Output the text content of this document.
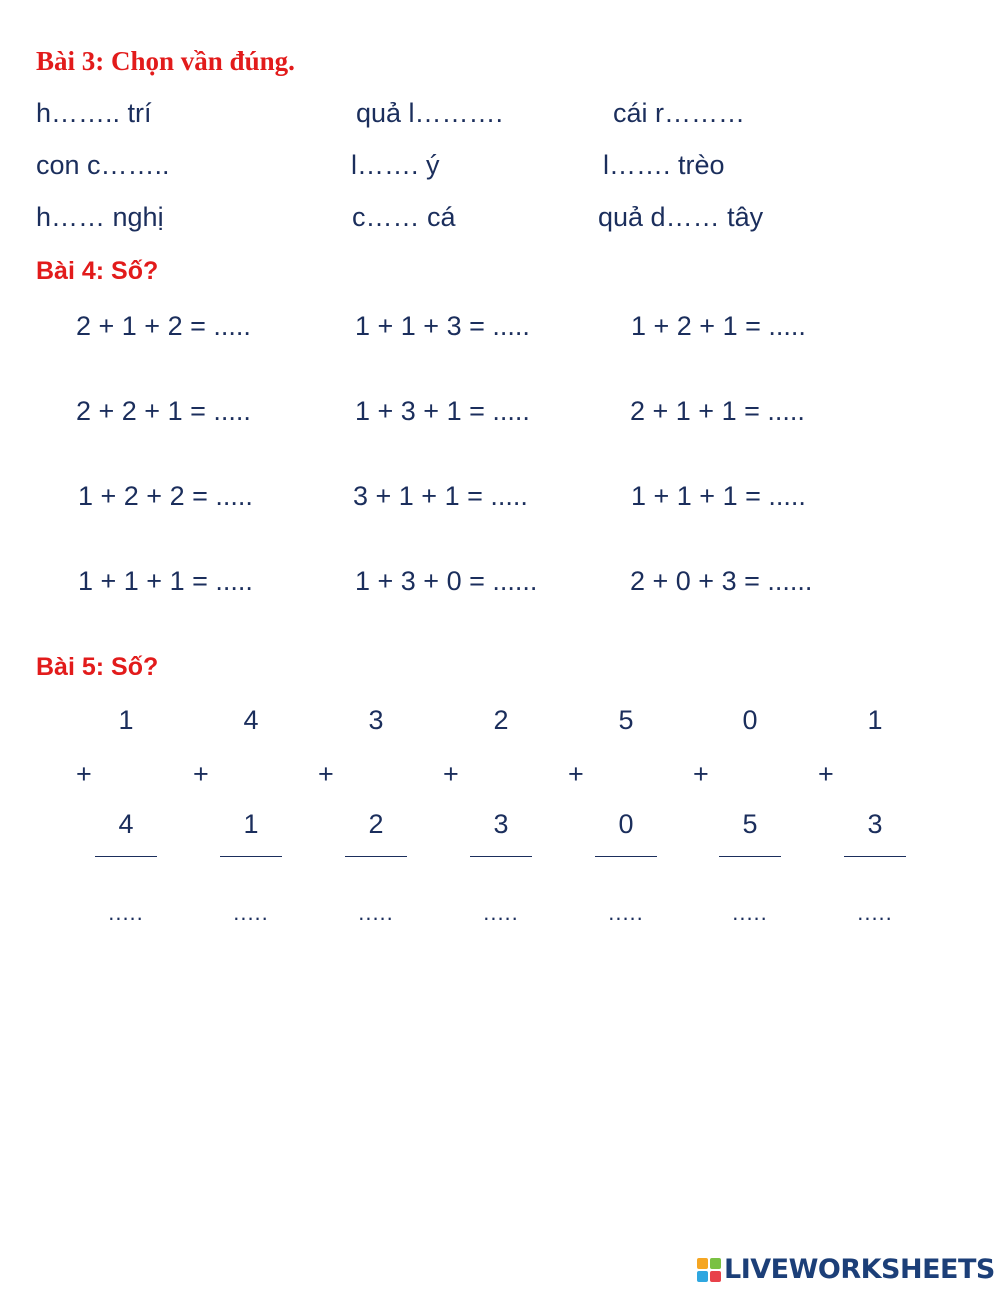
Bài 3: Chọn vần đúng.
h…….. trí	quả l……….	cái r………
con c……..	l……. ý	l……. trèo
h…… nghị	c…… cá	quả d…… tây
Bài 4: Số?
2 + 1 + 2 = .....	1 + 1 + 3 = .....	1 + 2 + 1 = .....
2 + 2 + 1 = .....	1 + 3 + 1 = .....	2 + 1 + 1 = .....
1 + 2 + 2 = .....	3 + 1 + 1 = .....	1 + 1 + 1 = .....
1 + 1 + 1 = .....	1 + 3 + 0 = ......	2 + 0 + 3 = ......
Bài 5: Số?
1
+
4
.....
4
+
1
.....
3
+
2
.....
2
+
3
.....
5
+
0
.....
0
+
5
.....
1
+
3
.....
LIVEWORKSHEETS
